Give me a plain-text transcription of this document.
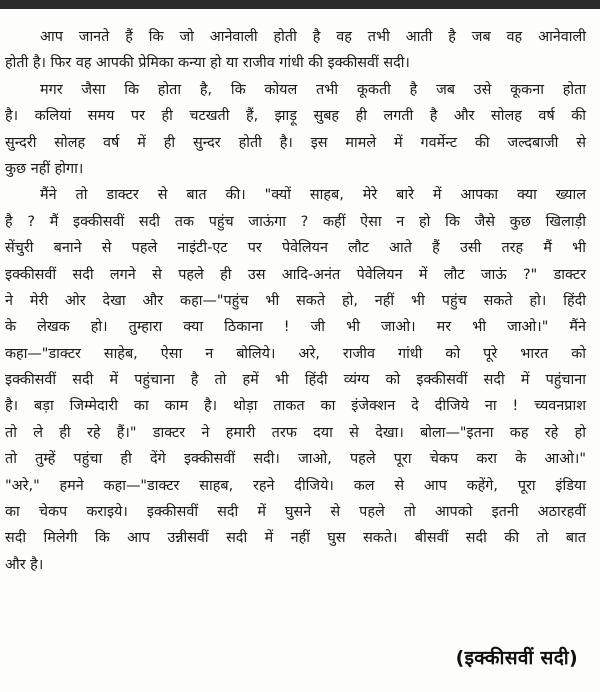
आप जानते हैं कि जो आनेवाली होती है वह तभी आती है जब वह आनेवाली
होती है। फिर वह आपकी प्रेमिका कन्या हो या राजीव गांधी की इक्कीसवीं सदी।
मगर जैसा कि होता है, कि कोयल तभी कूकती है जब उसे कूकना होता
है। कलियां समय पर ही चटखती हैं, झाड़ू सुबह ही लगती है और सोलह वर्ष की
सुन्दरी सोलह वर्ष में ही सुन्दर होती है। इस मामले में गवर्मेन्ट की जल्दबाजी से
कुछ नहीं होगा।
मैंने तो डाक्टर से बात की। "क्यों साहब, मेरे बारे में आपका क्या ख्याल
है ? मैं इक्कीसवीं सदी तक पहुंच जाऊंगा ? कहीं ऐसा न हो कि जैसे कुछ खिलाड़ी
सेंचुरी बनाने से पहले नाइंटी-एट पर पेवेलियन लौट आते हैं उसी तरह मैं भी
इक्कीसवीं सदी लगने से पहले ही उस आदि-अनंत पेवेलियन में लौट जाऊं ?" डाक्टर
ने मेरी ओर देखा और कहा—"पहुंच भी सकते हो, नहीं भी पहुंच सकते हो। हिंदी
के लेखक हो। तुम्हारा क्या ठिकाना ! जी भी जाओ। मर भी जाओ।" मैंने
कहा—"डाक्टर साहेब, ऐसा न बोलिये। अरे, राजीव गांधी को पूरे भारत को
इक्कीसवीं सदी में पहुंचाना है तो हमें भी हिंदी व्यंग्य को इक्कीसवीं सदी में पहुंचाना
है। बड़ा जिम्मेदारी का काम है। थोड़ा ताकत का इंजेक्शन दे दीजिये ना ! च्यवनप्राश
तो ले ही रहे हैं।" डाक्टर ने हमारी तरफ दया से देखा। बोला—"इतना कह रहे हो
तो तुम्हें पहुंचा ही देंगे इक्कीसवीं सदी। जाओ, पहले पूरा चेकप करा के आओ।"
"अरे," हमने कहा—"डाक्टर साहब, रहने दीजिये। कल से आप कहेंगे, पूरा इंडिया
का चेकप कराइये। इक्कीसवीं सदी में घुसने से पहले तो आपको इतनी अठारहवीं
सदी मिलेगी कि आप उन्नीसवीं सदी में नहीं घुस सकते। बीसवीं सदी की तो बात
और है।
(इक्कीसवीं सदी)
